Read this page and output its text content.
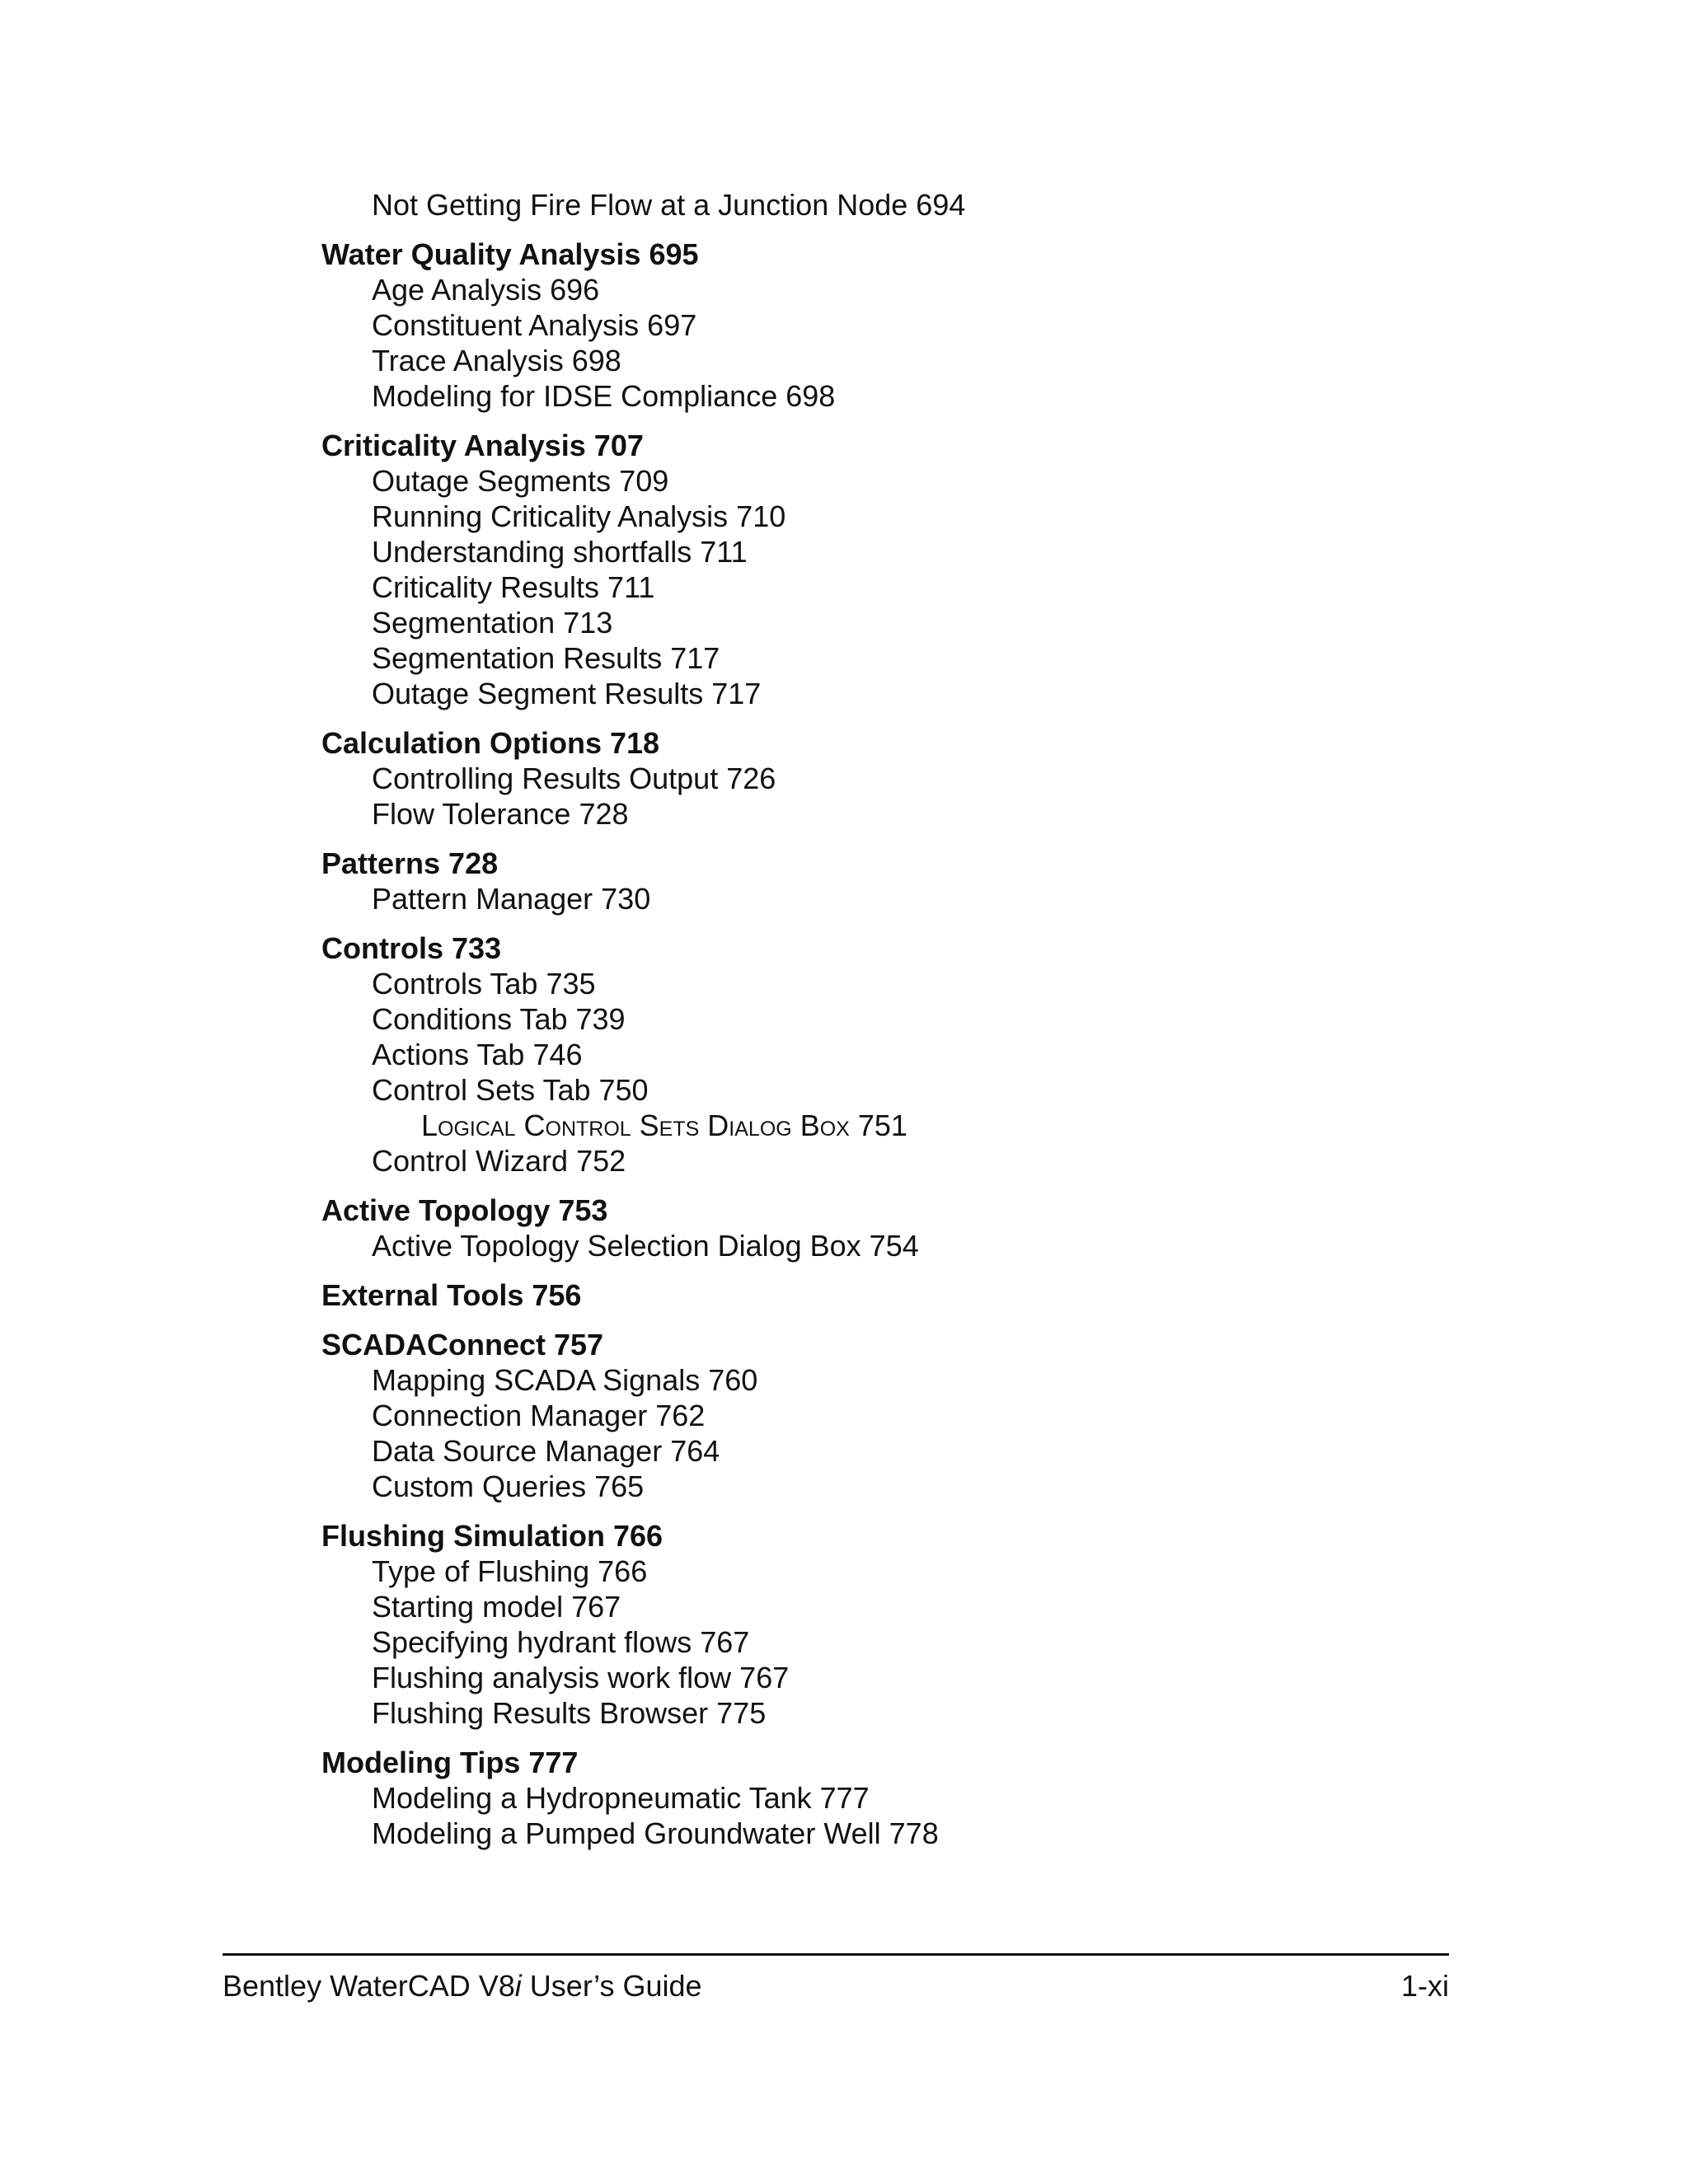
Not Getting Fire Flow at a Junction Node 694
Water Quality Analysis 695
Age Analysis 696
Constituent Analysis 697
Trace Analysis 698
Modeling for IDSE Compliance 698
Criticality Analysis 707
Outage Segments 709
Running Criticality Analysis 710
Understanding shortfalls 711
Criticality Results 711
Segmentation 713
Segmentation Results 717
Outage Segment Results 717
Calculation Options 718
Controlling Results Output 726
Flow Tolerance 728
Patterns 728
Pattern Manager 730
Controls 733
Controls Tab 735
Conditions Tab 739
Actions Tab 746
Control Sets Tab 750
Logical Control Sets Dialog Box 751
Control Wizard 752
Active Topology 753
Active Topology Selection Dialog Box 754
External Tools 756
SCADAConnect 757
Mapping SCADA Signals 760
Connection Manager 762
Data Source Manager 764
Custom Queries 765
Flushing Simulation 766
Type of Flushing 766
Starting model 767
Specifying hydrant flows 767
Flushing analysis work flow 767
Flushing Results Browser 775
Modeling Tips 777
Modeling a Hydropneumatic Tank 777
Modeling a Pumped Groundwater Well 778
Bentley WaterCAD V8i User’s Guide	1-xi
